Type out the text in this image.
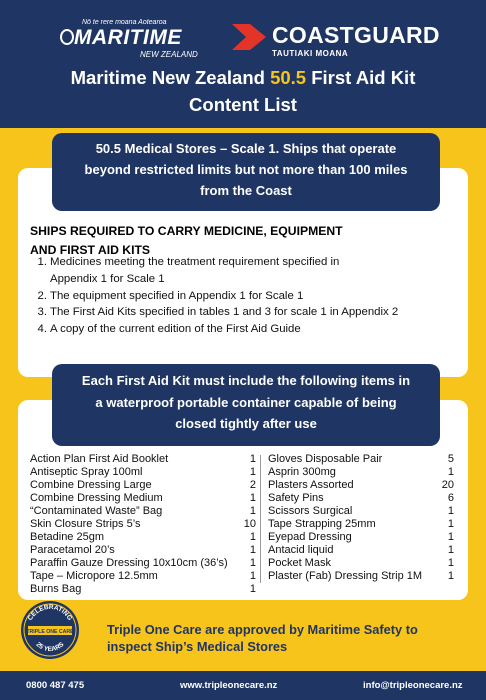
Nō te rere moana Aotearoa
MARITIME
NEW ZEALAND
COASTGUARD
TAUTIAKI MOANA
Maritime New Zealand 50.5 First Aid Kit
Content List
50.5 Medical Stores – Scale 1. Ships that operate
beyond restricted limits but not more than 100 miles
from the Coast
SHIPS REQUIRED TO CARRY MEDICINE, EQUIPMENT
AND FIRST AID KITS
1. Medicines meeting the treatment requirement specified in
Appendix 1 for Scale 1
2. The equipment specified in Appendix 1 for Scale 1
3. The First Aid Kits specified in tables 1 and 3 for scale 1 in Appendix 2
4. A copy of the current edition of the First Aid Guide
Each First Aid Kit must include the following items in
a waterproof portable container capable of being
closed tightly after use
Action Plan First Aid Booklet	1
Antiseptic Spray 100ml	1
Combine Dressing Large	2
Combine Dressing Medium	1
“Contaminated Waste” Bag	1
Skin Closure Strips 5’s	10
Betadine 25gm	1
Paracetamol 20’s	1
Paraffin Gauze Dressing 10x10cm (36’s) 1
Tape – Micropore 12.5mm	1
Burns Bag	1
Gloves Disposable Pair	5
Asprin 300mg	1
Plasters Assorted	20
Safety Pins	6
Scissors Surgical	1
Tape Strapping 25mm	1
Eyepad Dressing	1
Antacid liquid	1
Pocket Mask	1
Plaster (Fab) Dressing Strip 1M 1
CELEBRATING
TRIPLE ONE CARE
25 YEARS
Triple One Care are approved by Maritime Safety to
inspect Ship’s Medical Stores
0800 487 475	www.tripleonecare.nz	info@tripleonecare.nz
